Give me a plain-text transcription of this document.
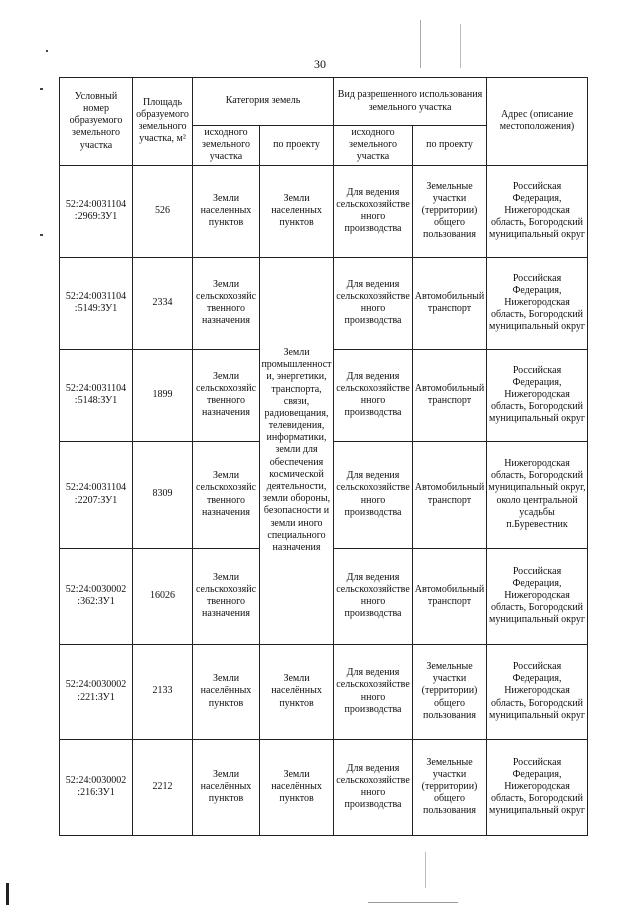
30
Условный номер образуемого земельного участка	Площадь образуемого земельного участка, м²	Категория земель		Вид разрешенного использования земельного участка		Адрес (описание местоположения)
		исходного земельного участка	по проекту	исходного земельного участка	по проекту	
52:24:0031104 :2969:ЗУ1	526	Земли населенных пунктов	Земли населенных пунктов	Для ведения сельскохозяйственного производства	Земельные участки (территории) общего пользования	Российская Федерация, Нижегородская область, Богородский муниципальный округ
52:24:0031104 :5149:ЗУ1	2334	Земли сельскохозяйственного назначения	Земли промышленности, энергетики, транспорта, связи, радиовещания, телевидения, информатики, земли для обеспечения космической деятельности, земли обороны, безопасности и земли иного специального назначения	Для ведения сельскохозяйственного производства	Автомобильный транспорт	Российская Федерация, Нижегородская область, Богородский муниципальный округ
52:24:0031104 :5148:ЗУ1	1899	Земли сельскохозяйственного назначения		Для ведения сельскохозяйственного производства	Автомобильный транспорт	Российская Федерация, Нижегородская область, Богородский муниципальный округ
52:24:0031104 :2207:ЗУ1	8309	Земли сельскохозяйственного назначения		Для ведения сельскохозяйственного производства	Автомобильный транспорт	Нижегородская область, Богородский муниципальный округ, около центральной усадьбы п.Буревестник
52:24:0030002 :362:ЗУ1	16026	Земли сельскохозяйственного назначения		Для ведения сельскохозяйственного производства	Автомобильный транспорт	Российская Федерация, Нижегородская область, Богородский муниципальный округ
52:24:0030002 :221:ЗУ1	2133	Земли населённых пунктов	Земли населённых пунктов	Для ведения сельскохозяйственного производства	Земельные участки (территории) общего пользования	Российская Федерация, Нижегородская область, Богородский муниципальный округ
52:24:0030002 :216:ЗУ1	2212	Земли населённых пунктов	Земли населённых пунктов	Для ведения сельскохозяйственного производства	Земельные участки (территории) общего пользования	Российская Федерация, Нижегородская область, Богородский муниципальный округ
